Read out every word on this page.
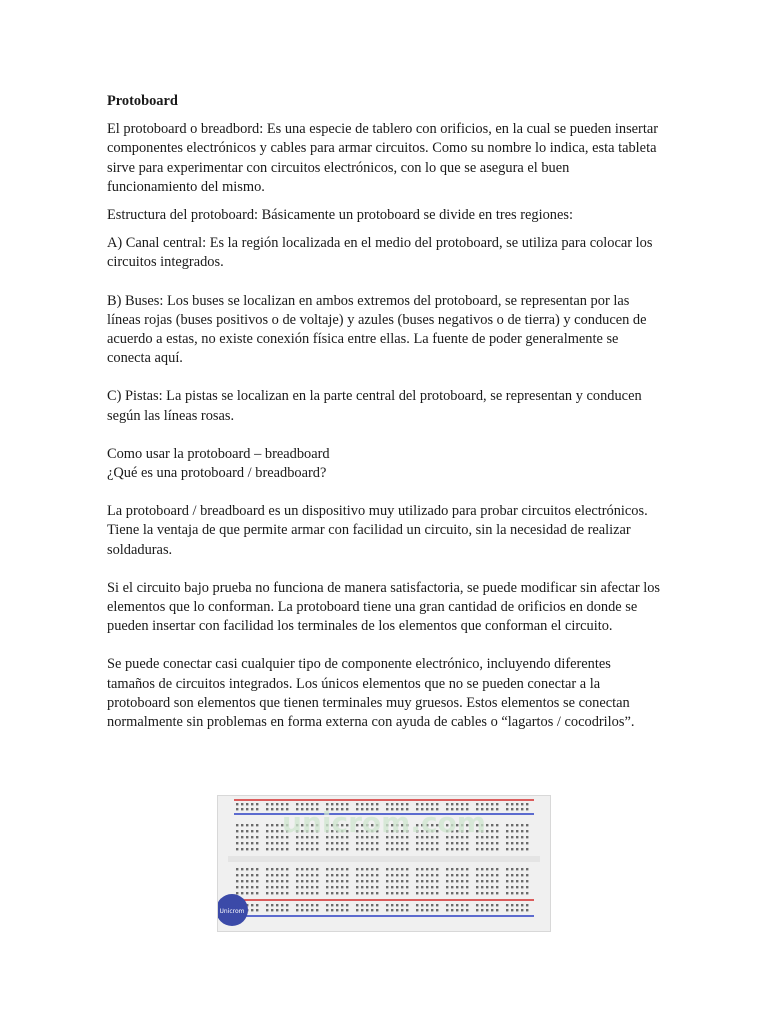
Protoboard

El protoboard o breadbord: Es una especie de tablero con orificios, en la cual se pueden insertar componentes electrónicos y cables para armar circuitos. Como su nombre lo indica, esta tableta sirve para experimentar con circuitos electrónicos, con lo que se asegura el buen funcionamiento del mismo.

Estructura del protoboard: Básicamente un protoboard se divide en tres regiones:

A) Canal central: Es la región localizada en el medio del protoboard, se utiliza para colocar los circuitos integrados.

B) Buses: Los buses se localizan en ambos extremos del protoboard, se representan por las líneas rojas (buses positivos o de voltaje) y azules (buses negativos o de tierra) y conducen de acuerdo a estas, no existe conexión física entre ellas. La fuente de poder generalmente se conecta aquí.

C) Pistas: La pistas se localizan en la parte central del protoboard, se representan y conducen según las líneas rosas.

Como usar la protoboard – breadboard
¿Qué es una protoboard / breadboard?

La protoboard / breadboard es un dispositivo muy utilizado para probar circuitos electrónicos. Tiene la ventaja de que permite armar con facilidad un circuito, sin la necesidad de realizar soldaduras.

Si el circuito bajo prueba no funciona de manera satisfactoria, se puede modificar sin afectar los elementos que lo conforman. La protoboard tiene una gran cantidad de orificios en donde se pueden insertar con facilidad los terminales de los elementos que conforman el circuito.

Se puede conectar casi cualquier tipo de componente electrónico, incluyendo diferentes tamaños de circuitos integrados. Los únicos elementos que no se pueden conectar a la protoboard son elementos que tienen terminales muy gruesos. Estos elementos se conectan normalmente sin problemas en forma externa con ayuda de cables o “lagartos / cocodrilos”.

unicrom.com
Unicrom
